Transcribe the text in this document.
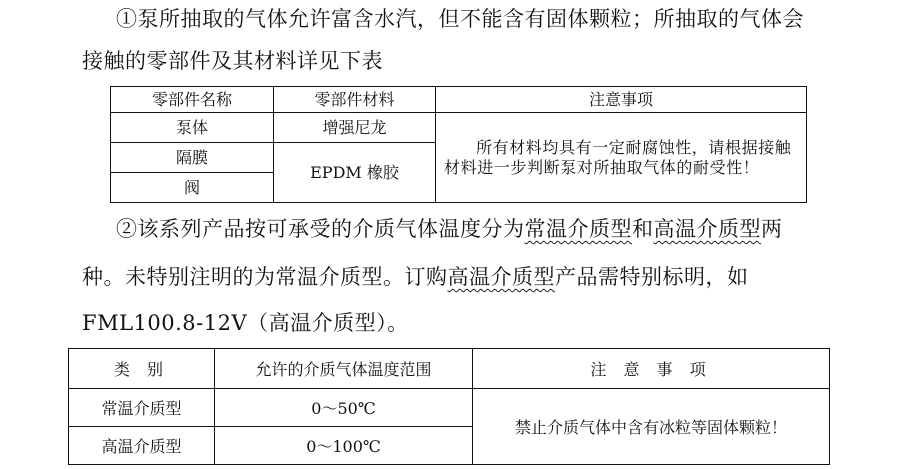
①泵所抽取的气体允许富含水汽，但不能含有固体颗粒；所抽取的气体会
接触的零部件及其材料详见下表
零部件名称	零部件材料	注意事项
泵体	增强尼龙	所有材料均具有一定耐腐蚀性，请根据接触材料进一步判断泵对所抽取气体的耐受性！
隔膜	EPDM 橡胶	
阀		
②该系列产品按可承受的介质气体温度分为常温介质型和高温介质型两
种。未特别注明的为常温介质型。订购高温介质型产品需特别标明，如
FML100.8-12V（高温介质型）。
类 别	允许的介质气体温度范围	注 意 事 项
常温介质型	0～50℃	禁止介质气体中含有冰粒等固体颗粒！
高温介质型	0～100℃	
